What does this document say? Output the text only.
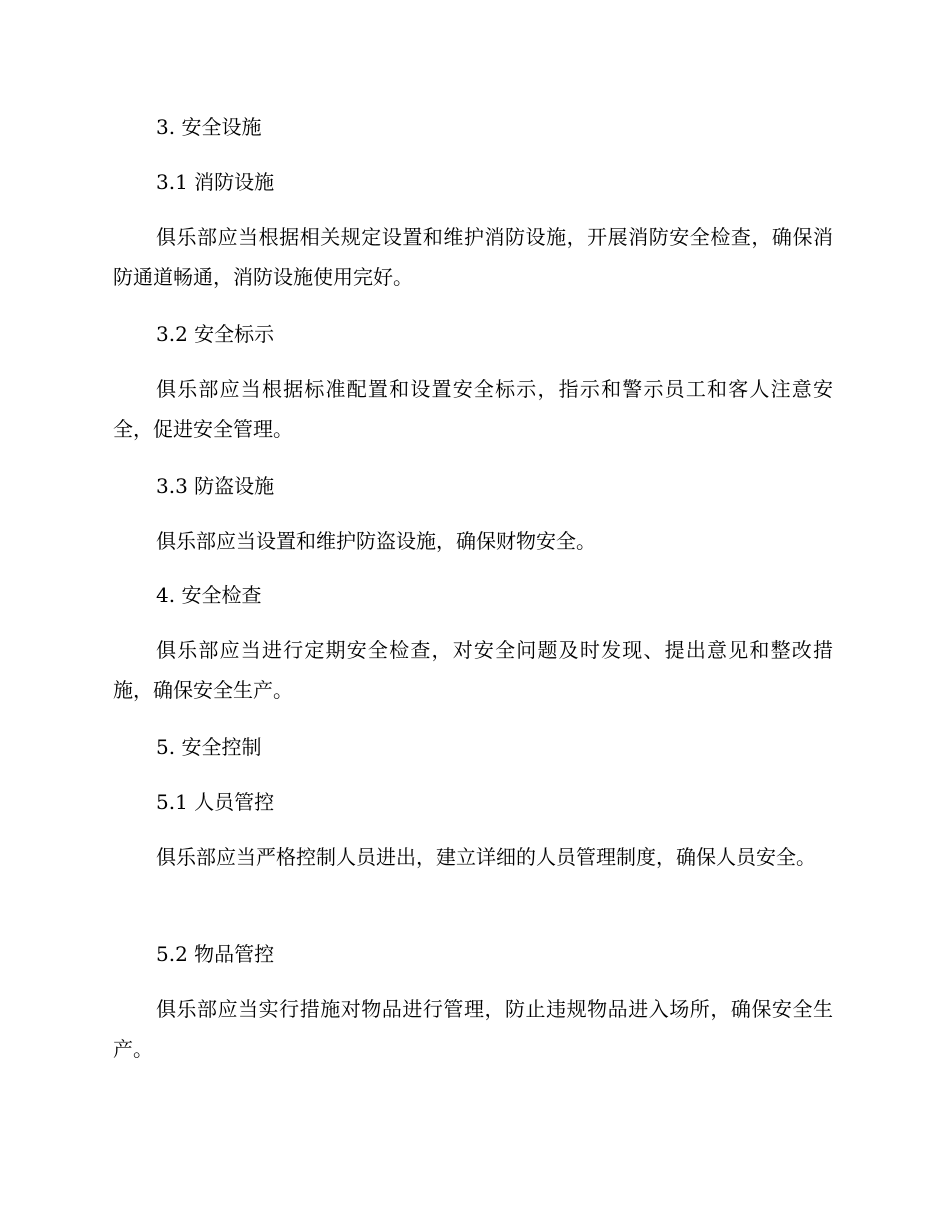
3. 安全设施
3.1 消防设施
俱乐部应当根据相关规定设置和维护消防设施，开展消防安全检查，确保消防通道畅通，消防设施使用完好。
3.2 安全标示
俱乐部应当根据标准配置和设置安全标示，指示和警示员工和客人注意安全，促进安全管理。
3.3 防盗设施
俱乐部应当设置和维护防盗设施，确保财物安全。
4. 安全检查
俱乐部应当进行定期安全检查，对安全问题及时发现、提出意见和整改措施，确保安全生产。
5. 安全控制
5.1 人员管控
俱乐部应当严格控制人员进出，建立详细的人员管理制度，确保人员安全。
5.2 物品管控
俱乐部应当实行措施对物品进行管理，防止违规物品进入场所，确保安全生产。
